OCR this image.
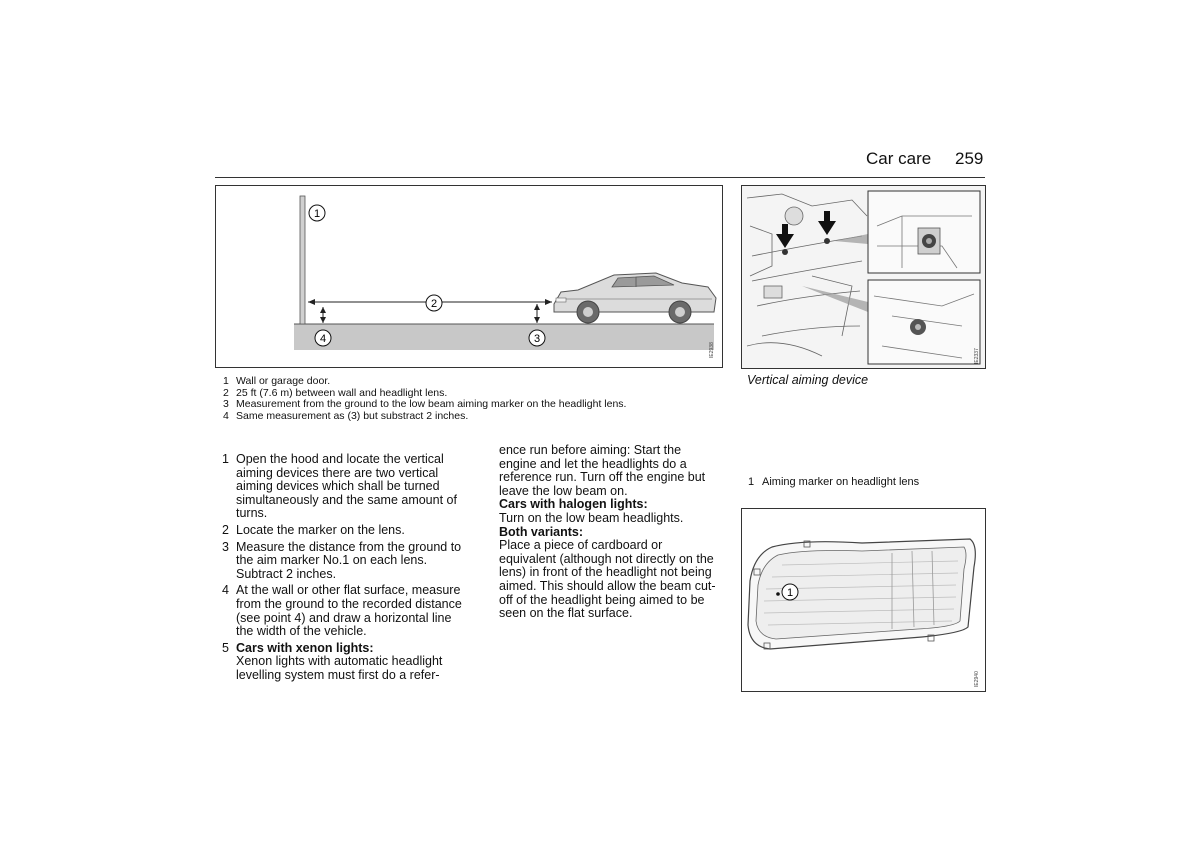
Car care 259
1
2
3
4
IE2938
1 Wall or garage door.
2 25 ft (7.6 m) between wall and headlight lens.
3 Measurement from the ground to the low beam aiming marker on the headlight lens.
4 Same measurement as (3) but substract 2 inches.
IE2337
Vertical aiming device
1 Aiming marker on headlight lens
1
IE2940
1 Open the hood and locate the vertical aiming devices there are two vertical aiming devices which shall be turned simultaneously and the same amount of turns.
2 Locate the marker on the lens.
3 Measure the distance from the ground to the aim marker No.1 on each lens. Subtract 2 inches.
4 At the wall or other flat surface, measure from the ground to the recorded distance (see point 4) and draw a horizontal line the width of the vehicle.
5 Cars with xenon lights:
Xenon lights with automatic headlight levelling system must first do a refer-

ence run before aiming: Start the engine and let the headlights do a reference run. Turn off the engine but leave the low beam on.

Cars with halogen lights:

Turn on the low beam headlights.

Both variants:

Place a piece of cardboard or equivalent (although not directly on the lens) in front of the headlight not being aimed. This should allow the beam cut-off of the headlight being aimed to be seen on the flat surface.
